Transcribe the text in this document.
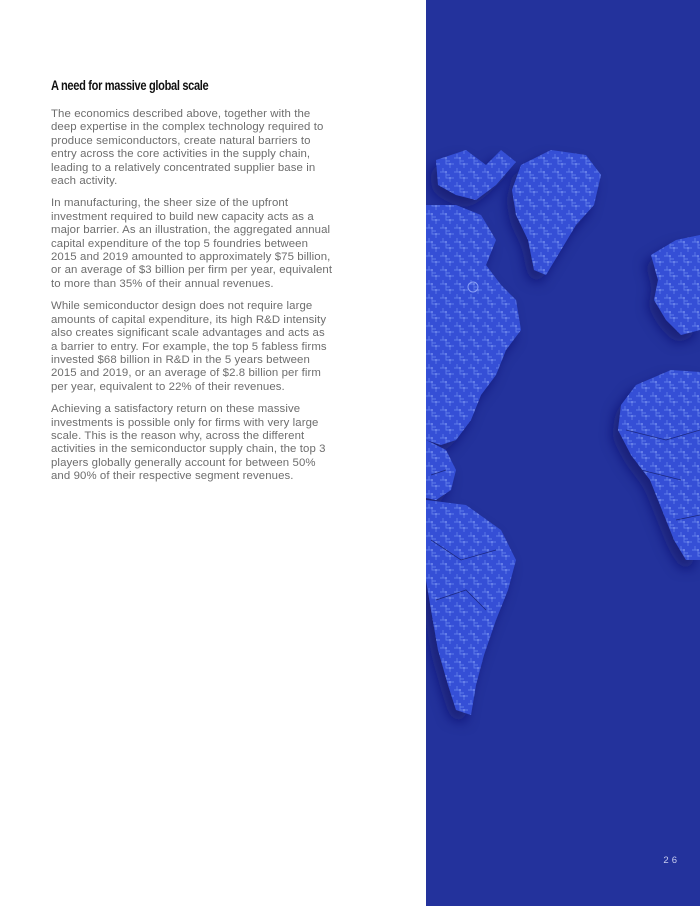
A need for massive global scale

The economics described above, together with the deep expertise in the complex technology required to produce semiconductors, create natural barriers to entry across the core activities in the supply chain, leading to a relatively concentrated supplier base in each activity.

In manufacturing, the sheer size of the upfront investment required to build new capacity acts as a major barrier. As an illustration, the aggregated annual capital expenditure of the top 5 foundries between 2015 and 2019 amounted to approximately $75 billion, or an average of $3 billion per firm per year, equivalent to more than 35% of their annual revenues.

While semiconductor design does not require large amounts of capital expenditure, its high R&D intensity also creates significant scale advantages and acts as a barrier to entry. For example, the top 5 fabless firms invested $68 billion in R&D in the 5 years between 2015 and 2019, or an average of $2.8 billion per firm per year, equivalent to 22% of their revenues.

Achieving a satisfactory return on these massive investments is possible only for firms with very large scale. This is the reason why, across the different activities in the semiconductor supply chain, the top 3 players globally generally account for between 50% and 90% of their respective segment revenues.

26
